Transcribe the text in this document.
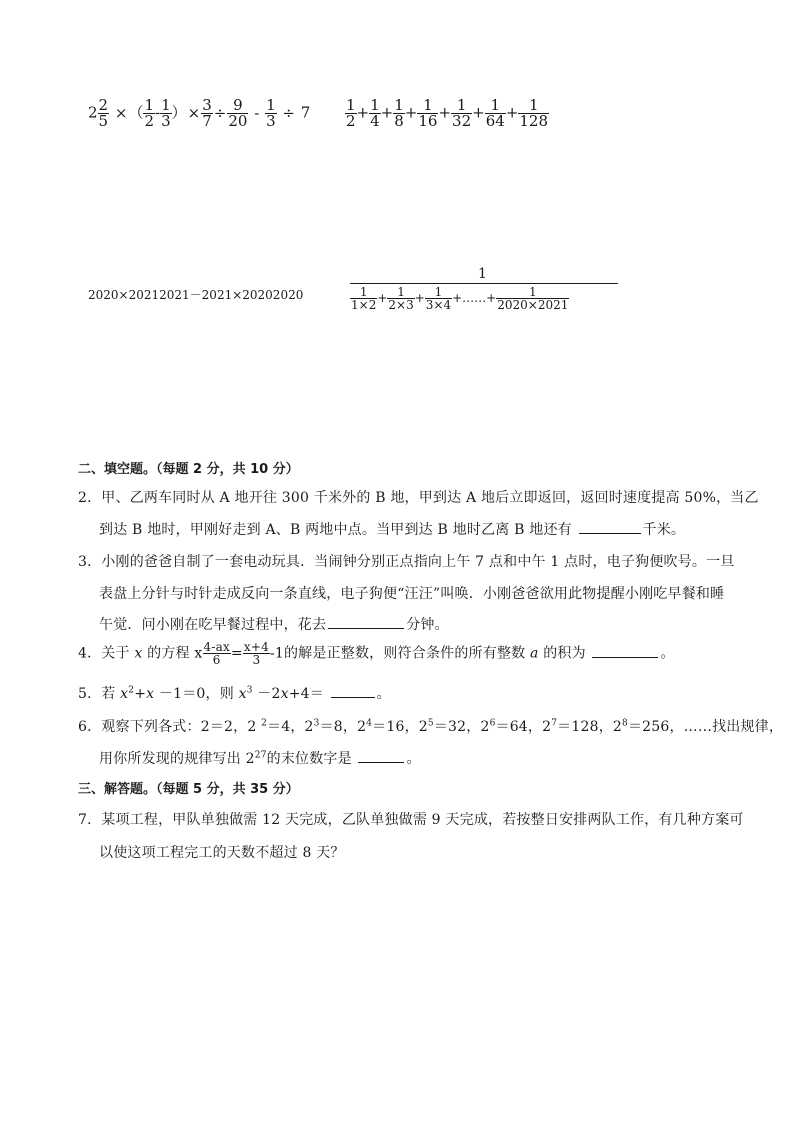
$2 \frac{2}{5}$ ×（ $\frac{1}{2} - \frac{1}{3}$ ）× $\frac{3}{7} \div \frac{9}{20} - \frac{1}{3} \div 7 \frac{1}{2} + \frac{1}{4} + \frac{1}{8} + \frac{1}{16} + \frac{1}{32} + \frac{1}{64} + \frac{1}{128}$
2020×20212021－2021×20202020
1
$\frac{1}{1\times 2} + \frac{1}{2\times 3} + \frac{1}{3\times 4}$ +……+ $\frac{1}{2020\times 2021}$
二、填空题。（每题 2 分，共 10 分）
2．甲、乙两车同时从 A 地开往 300 千米外的 B 地，甲到达 A 地后立即返回，返回时速度提高 50%，当乙
到达 B 地时，甲刚好走到 A、B 两地中点。当甲到达 B 地时乙离 B 地还有	千米。
3．小刚的爸爸自制了一套电动玩具．当闹钟分别正点指向上午 7 点和中午 1 点时，电子狗便吹号。一旦
表盘上分针与时针走成反向一条直线，电子狗便“汪汪”叫唤．小刚爸爸欲用此物提醒小刚吃早餐和睡
午觉．问小刚在吃早餐过程中，花去	分钟。
4．关于 x 的方程 x $\frac{4-ax}{6} = \frac{x+4}{3} -1$的解是正整数，则符合条件的所有整数 a 的积为	。
5．若 $x^2+x -1=0$，则 $x^3 -2x+4=$	。
6．观察下列各式：2＝2，2 $^2$＝4，$2^3=8$，$2^4=16$，$2^5=32$，$2^6=64$，$2^7=128$，$2^8=256$，……找出规律，
用你所发现的规律写出 $2^{27}$的末位数字是	。
三、解答题。（每题 5 分，共 35 分）
7．某项工程，甲队单独做需 12 天完成，乙队单独做需 9 天完成，若按整日安排两队工作，有几种方案可
以使这项工程完工的天数不超过 8 天？
